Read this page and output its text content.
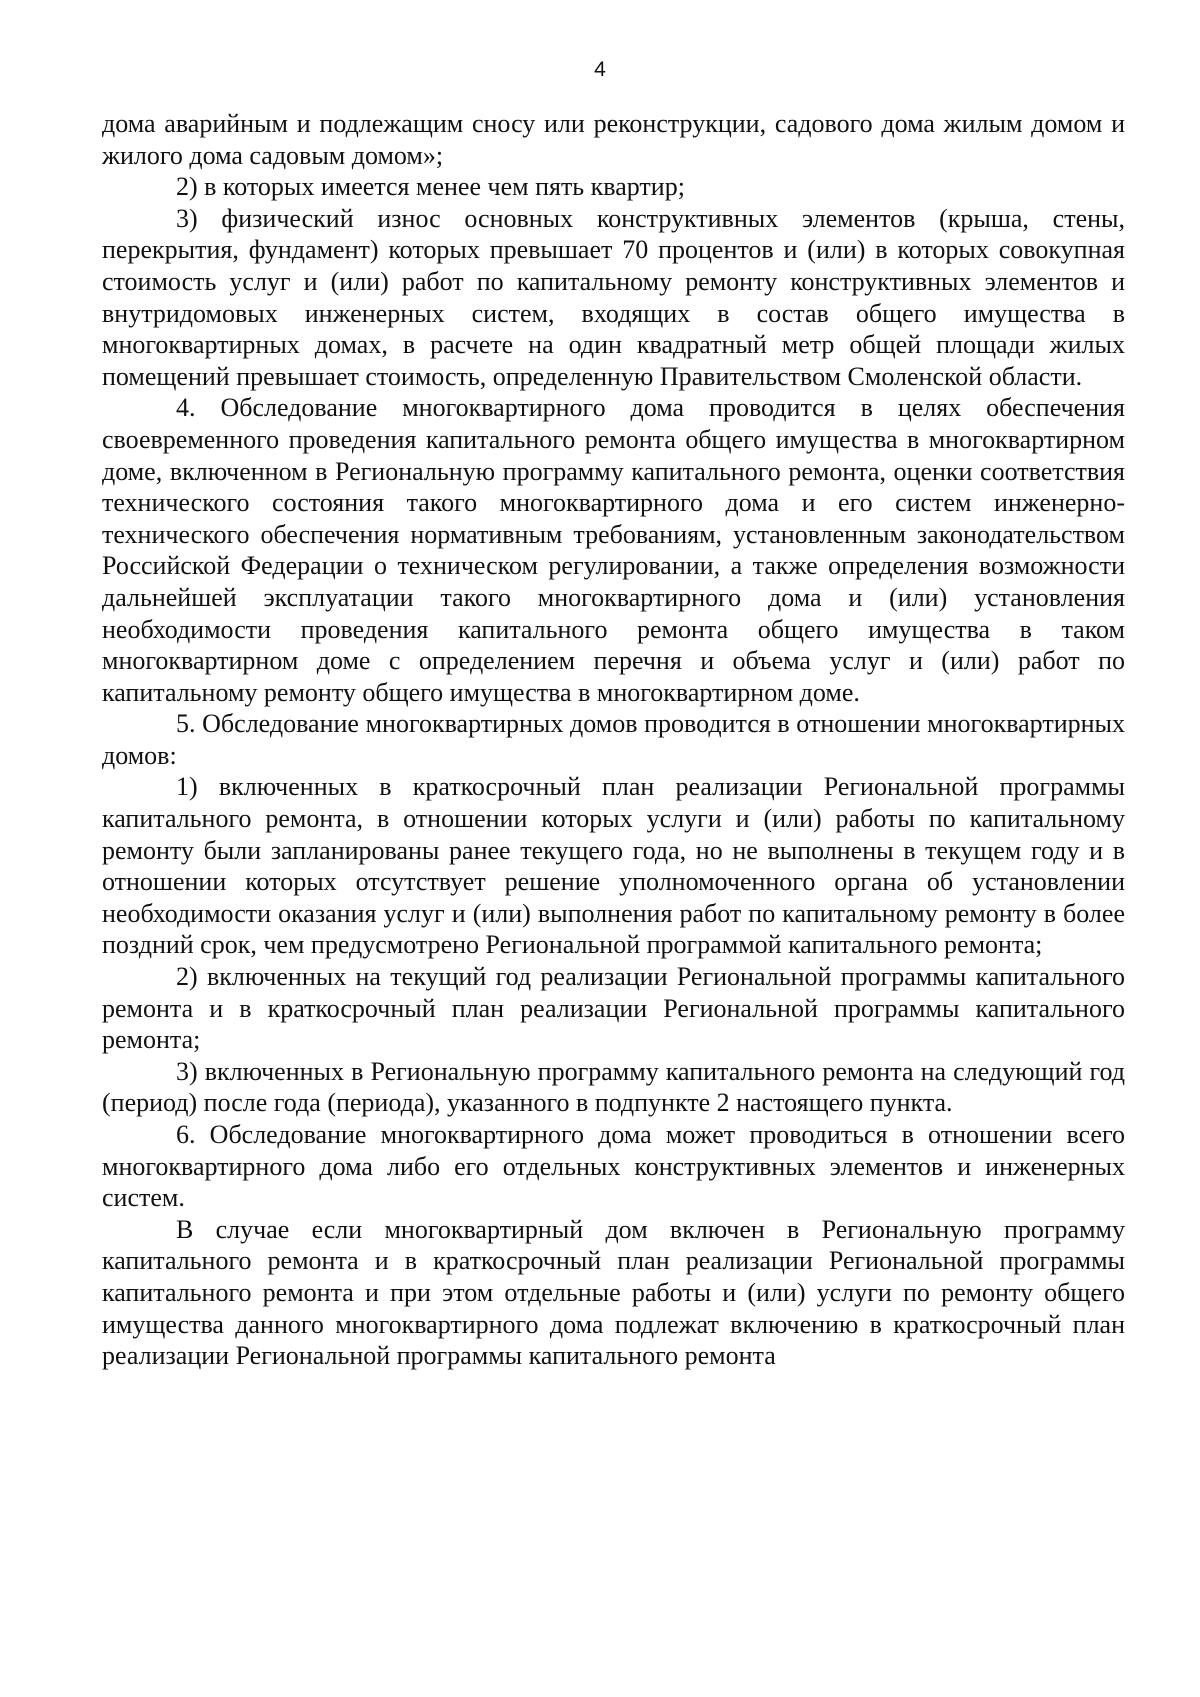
4

дома аварийным и подлежащим сносу или реконструкции, садового дома жилым домом и жилого дома садовым домом»;

2) в которых имеется менее чем пять квартир;

3) физический износ основных конструктивных элементов (крыша, стены, перекрытия, фундамент) которых превышает 70 процентов и (или) в которых совокупная стоимость услуг и (или) работ по капитальному ремонту конструктивных элементов и внутридомовых инженерных систем, входящих в состав общего имущества в многоквартирных домах, в расчете на один квадратный метр общей площади жилых помещений превышает стоимость, определенную Правительством Смоленской области.

4. Обследование многоквартирного дома проводится в целях обеспечения своевременного проведения капитального ремонта общего имущества в многоквартирном доме, включенном в Региональную программу капитального ремонта, оценки соответствия технического состояния такого многоквартирного дома и его систем инженерно-технического обеспечения нормативным требованиям, установленным законодательством Российской Федерации о техническом регулировании, а также определения возможности дальнейшей эксплуатации такого многоквартирного дома и (или) установления необходимости проведения капитального ремонта общего имущества в таком многоквартирном доме с определением перечня и объема услуг и (или) работ по капитальному ремонту общего имущества в многоквартирном доме.

5. Обследование многоквартирных домов проводится в отношении многоквартирных домов:

1) включенных в краткосрочный план реализации Региональной программы капитального ремонта, в отношении которых услуги и (или) работы по капитальному ремонту были запланированы ранее текущего года, но не выполнены в текущем году и в отношении которых отсутствует решение уполномоченного органа об установлении необходимости оказания услуг и (или) выполнения работ по капитальному ремонту в более поздний срок, чем предусмотрено Региональной программой капитального ремонта;

2) включенных на текущий год реализации Региональной программы капитального ремонта и в краткосрочный план реализации Региональной программы капитального ремонта;

3) включенных в Региональную программу капитального ремонта на следующий год (период) после года (периода), указанного в подпункте 2 настоящего пункта.

6. Обследование многоквартирного дома может проводиться в отношении всего многоквартирного дома либо его отдельных конструктивных элементов и инженерных систем.

В случае если многоквартирный дом включен в Региональную программу капитального ремонта и в краткосрочный план реализации Региональной программы капитального ремонта и при этом отдельные работы и (или) услуги по ремонту общего имущества данного многоквартирного дома подлежат включению в краткосрочный план реализации Региональной программы капитального ремонта
